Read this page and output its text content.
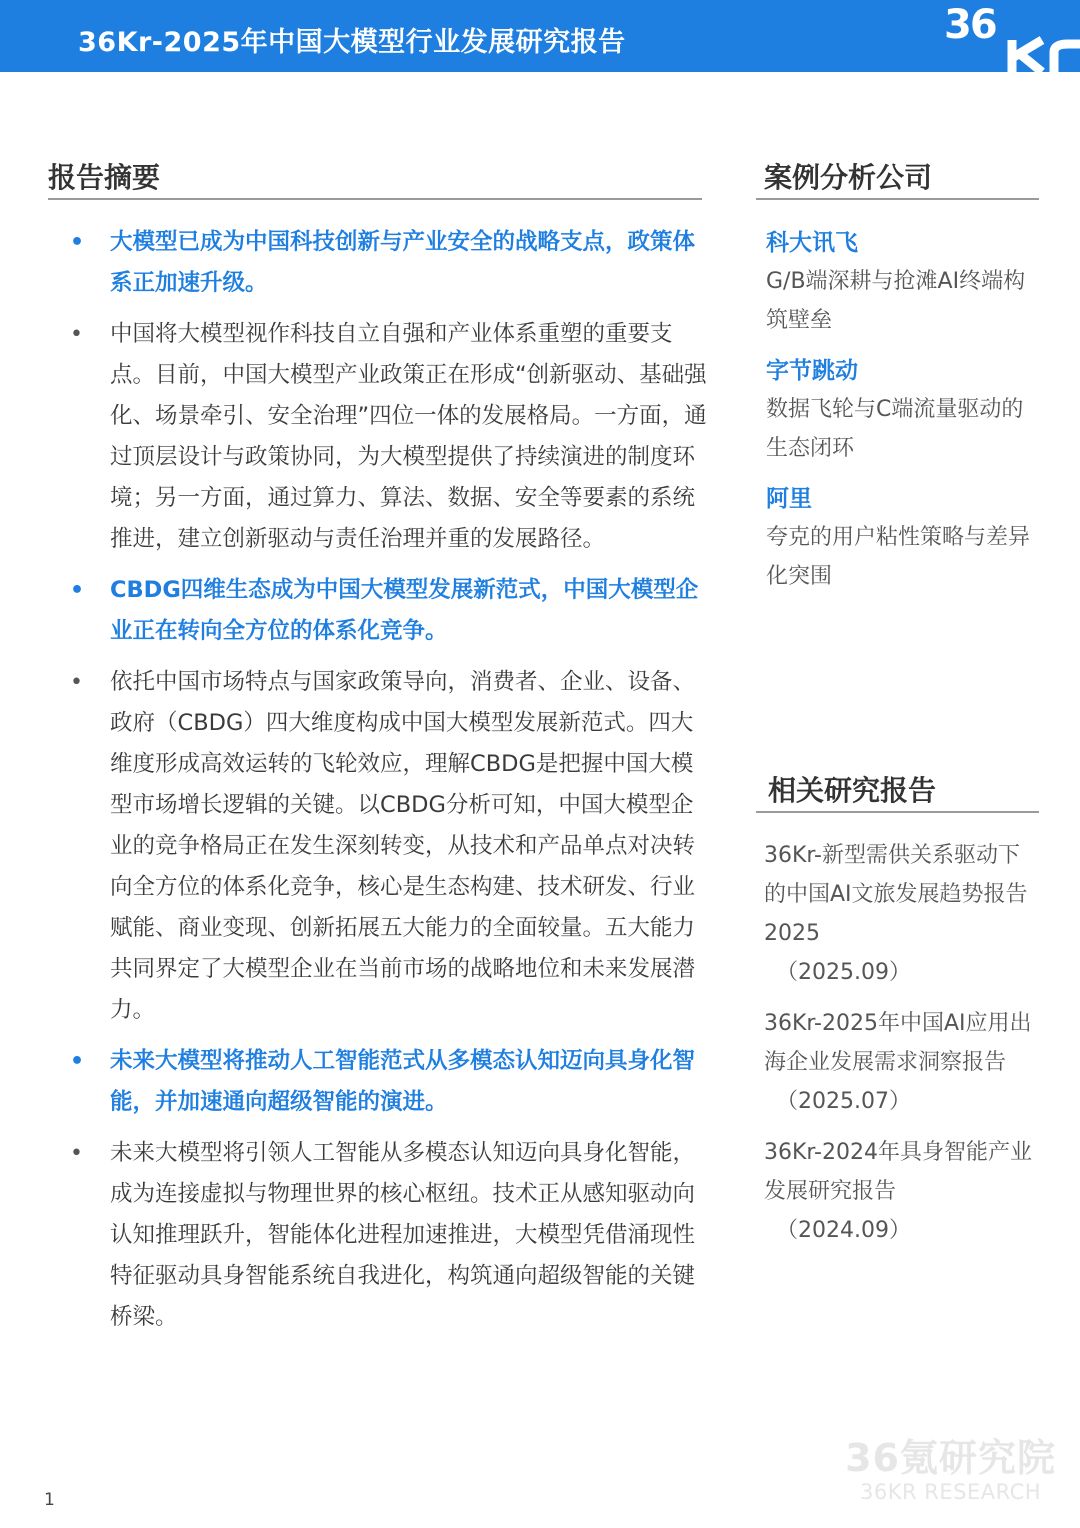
36Kr-2025年中国大模型行业发展研究报告	36
报告摘要
• 大模型已成为中国科技创新与产业安全的战略支点，政策体系正加速升级。
• 中国将大模型视作科技自立自强和产业体系重塑的重要支点。目前，中国大模型产业政策正在形成“创新驱动、基础强化、场景牵引、安全治理”四位一体的发展格局。一方面，通过顶层设计与政策协同，为大模型提供了持续演进的制度环境；另一方面，通过算力、算法、数据、安全等要素的系统推进，建立创新驱动与责任治理并重的发展路径。
• CBDG四维生态成为中国大模型发展新范式，中国大模型企业正在转向全方位的体系化竞争。
• 依托中国市场特点与国家政策导向，消费者、企业、设备、政府（CBDG）四大维度构成中国大模型发展新范式。四大维度形成高效运转的飞轮效应，理解CBDG是把握中国大模型市场增长逻辑的关键。以CBDG分析可知，中国大模型企业的竞争格局正在发生深刻转变，从技术和产品单点对决转向全方位的体系化竞争，核心是生态构建、技术研发、行业赋能、商业变现、创新拓展五大能力的全面较量。五大能力共同界定了大模型企业在当前市场的战略地位和未来发展潜力。
• 未来大模型将推动人工智能范式从多模态认知迈向具身化智能，并加速通向超级智能的演进。
• 未来大模型将引领人工智能从多模态认知迈向具身化智能，成为连接虚拟与物理世界的核心枢纽。技术正从感知驱动向认知推理跃升，智能体化进程加速推进，大模型凭借涌现性特征驱动具身智能系统自我进化，构筑通向超级智能的关键桥梁。
案例分析公司
科大讯飞
G/B端深耕与抢滩AI终端构筑壁垒
字节跳动
数据飞轮与C端流量驱动的生态闭环
阿里
夸克的用户粘性策略与差异化突围
相关研究报告
36Kr-新型需供关系驱动下的中国AI文旅发展趋势报告2025
（2025.09）
36Kr-2025年中国AI应用出海企业发展需求洞察报告
（2025.07）
36Kr-2024年具身智能产业发展研究报告
（2024.09）
36氪研究院
36KR RESEARCH
1
